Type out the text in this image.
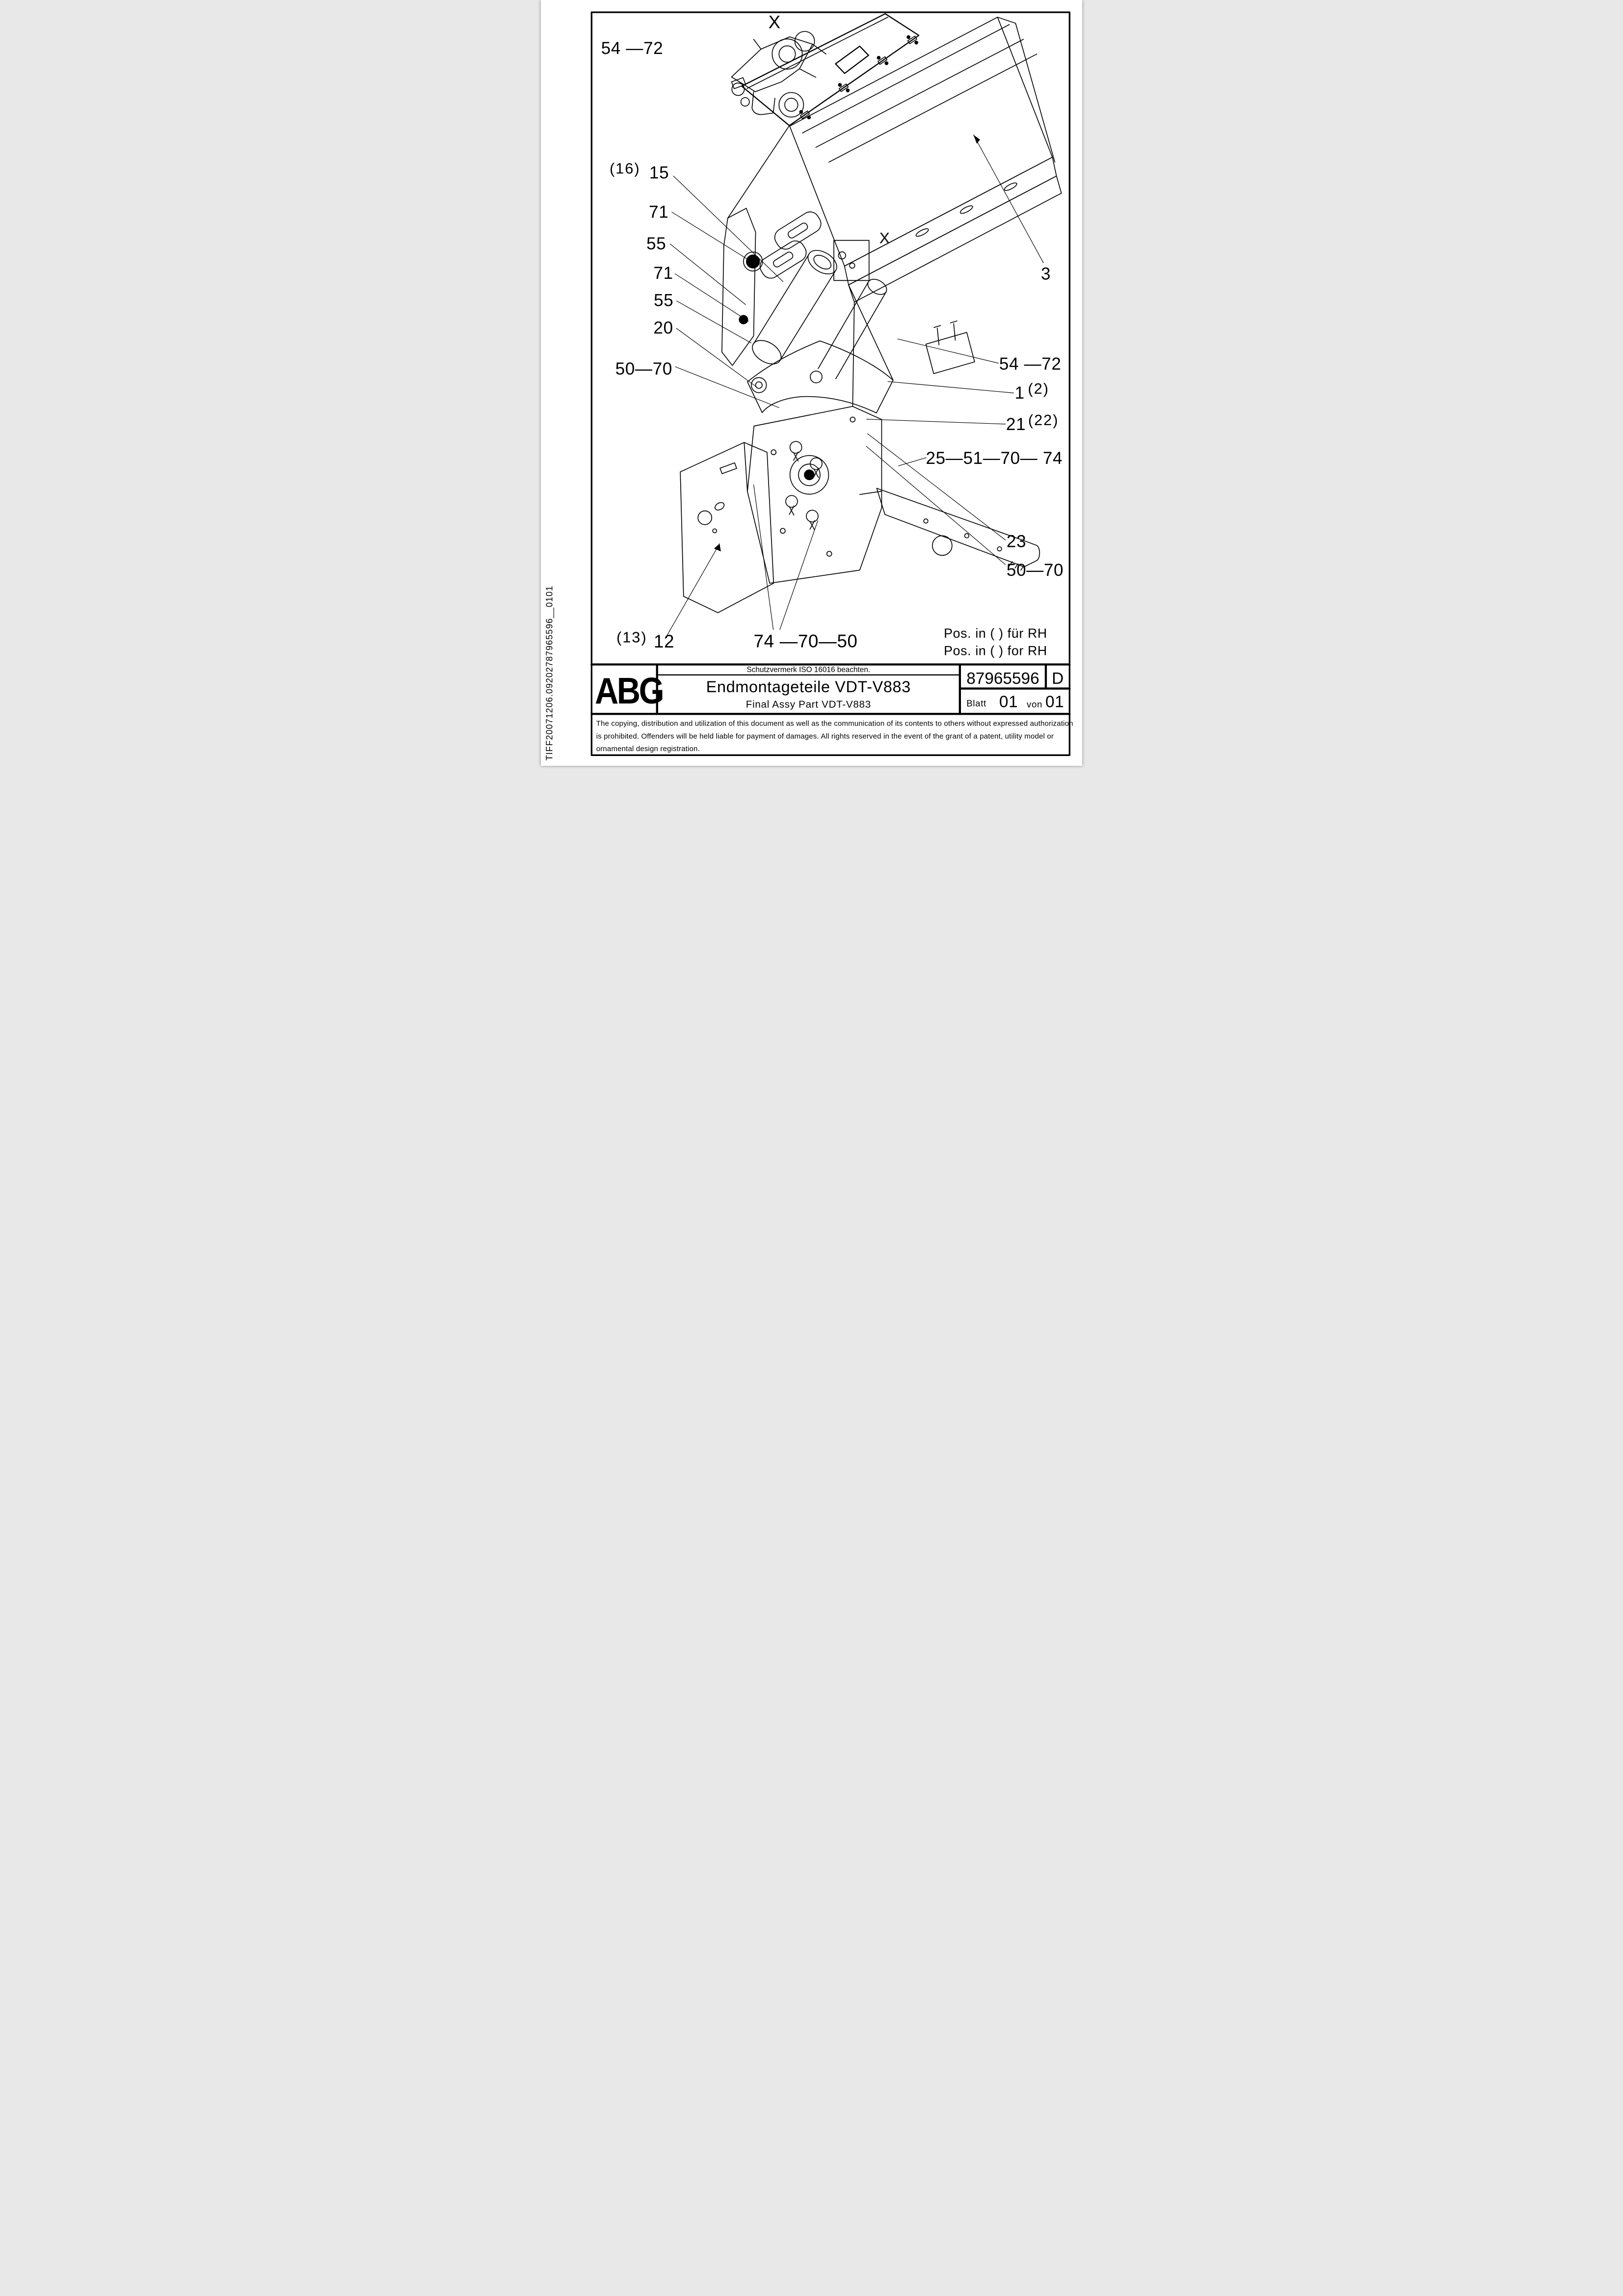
54 —72
X
(16) 15
71
55
71
55
20
50—70
X
3
54 —72
1 (2)
21 (22)
25—51—70— 74
23
50—70
(13) 12 74 —70—50 Pos. in ( ) für RH
Pos. in ( ) for RH
ABG
Schutzvermerk ISO 16016 beachten.
Endmontageteile VDT-V883
Final Assy Part VDT-V883
87965596 D
Blatt 01 von 01
The copying, distribution and utilization of this document as well as the communication of its contents to others without expressed authorization
is prohibited. Offenders will be held liable for payment of damages. All rights reserved in the event of the grant of a patent, utility model or
ornamental design registration.
TIFF20071206.09202787965596__0101
